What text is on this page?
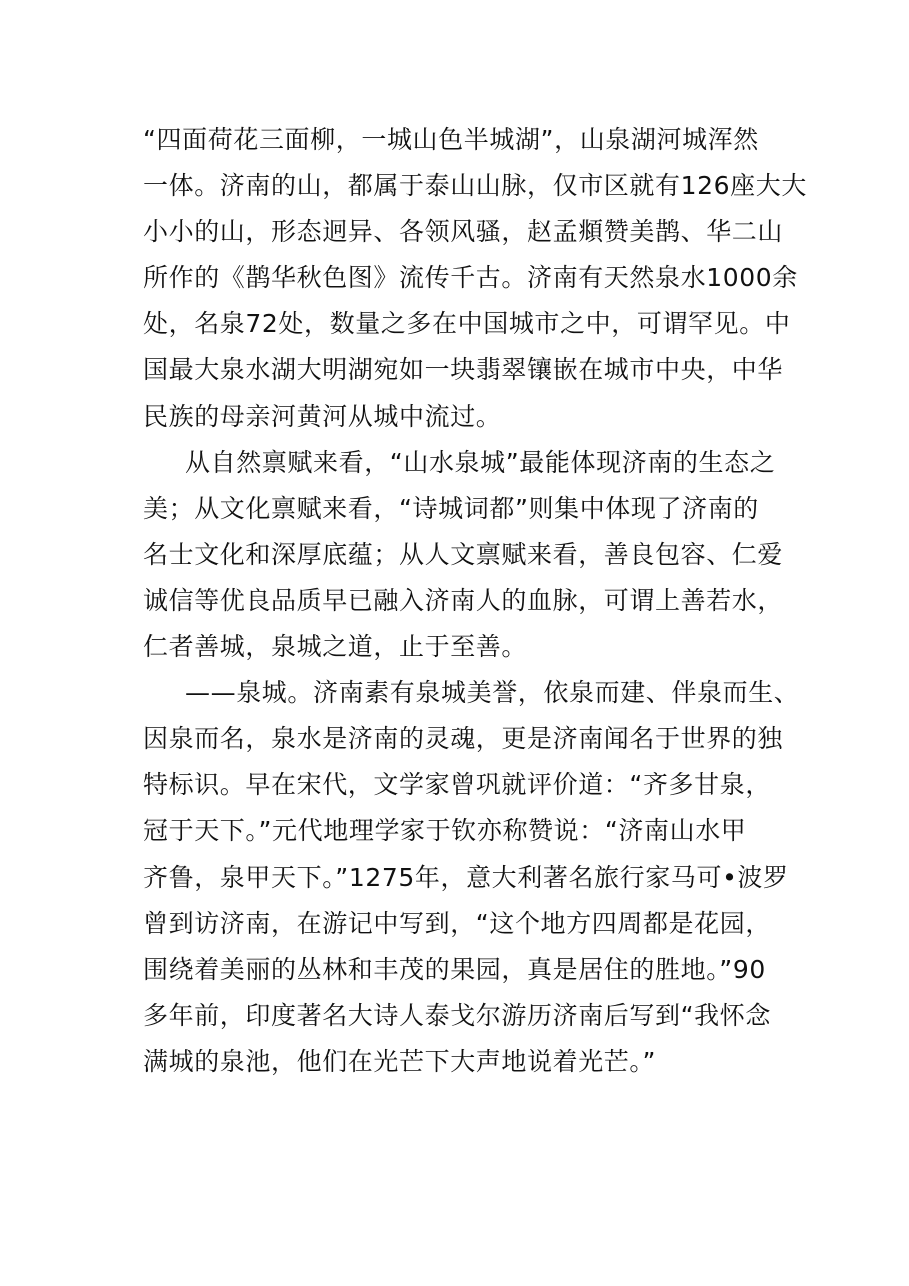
“四面荷花三面柳，一城山色半城湖”，山泉湖河城浑然
一体。济南的山，都属于泰山山脉，仅市区就有126座大大
小小的山，形态迥异、各领风骚，赵孟頫赞美鹊、华二山
所作的《鹊华秋色图》流传千古。济南有天然泉水1000余
处，名泉72处，数量之多在中国城市之中，可谓罕见。中
国最大泉水湖大明湖宛如一块翡翠镶嵌在城市中央，中华
民族的母亲河黄河从城中流过。
从自然禀赋来看，“山水泉城”最能体现济南的生态之
美；从文化禀赋来看，“诗城词都”则集中体现了济南的
名士文化和深厚底蕴；从人文禀赋来看，善良包容、仁爱
诚信等优良品质早已融入济南人的血脉，可谓上善若水，
仁者善城，泉城之道，止于至善。
——泉城。济南素有泉城美誉，依泉而建、伴泉而生、
因泉而名，泉水是济南的灵魂，更是济南闻名于世界的独
特标识。早在宋代，文学家曾巩就评价道：“齐多甘泉，
冠于天下。”元代地理学家于钦亦称赞说：“济南山水甲
齐鲁，泉甲天下。”1275年，意大利著名旅行家马可•波罗
曾到访济南，在游记中写到，“这个地方四周都是花园，
围绕着美丽的丛林和丰茂的果园，真是居住的胜地。”90
多年前，印度著名大诗人泰戈尔游历济南后写到“我怀念
满城的泉池，他们在光芒下大声地说着光芒。”
